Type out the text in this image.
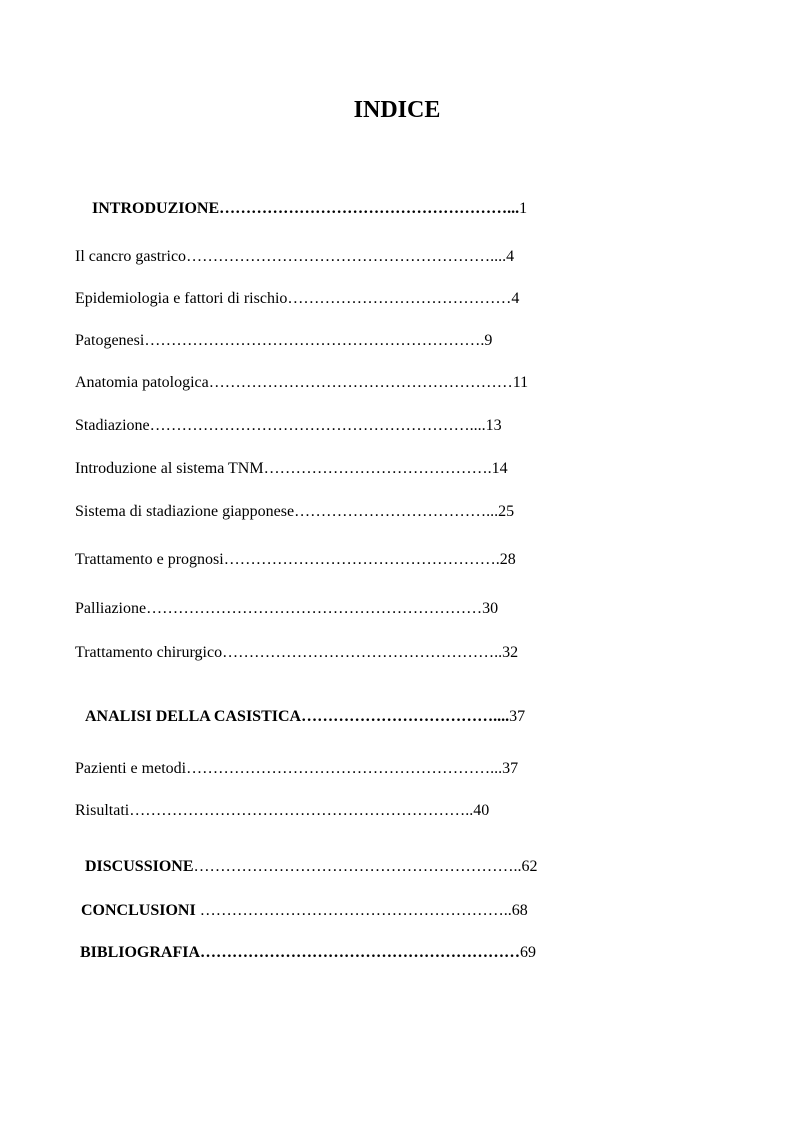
INDICE
INTRODUZIONE………………………………………………...1
Il cancro gastrico…………………………………………………....4
Epidemiologia e fattori di rischio……………………………………4
Patogenesi……………………………………………………….9
Anatomia patologica…………………………………………………11
Stadiazione……………………………………………………....13
Introduzione al sistema TNM…………………………………….14
Sistema di stadiazione giapponese………………………………...25
Trattamento e prognosi…………………………………………….28
Palliazione………………………………………………………30
Trattamento chirurgico……………………………………………..32
ANALISI DELLA CASISTICA………………………………....37
Pazienti e metodi…………………………………………………...37
Risultati………………………………………………………..40
DISCUSSIONE……………………………………………………..62
CONCLUSIONI …………………………………………………..68
BIBLIOGRAFIA……………………………………………………69
